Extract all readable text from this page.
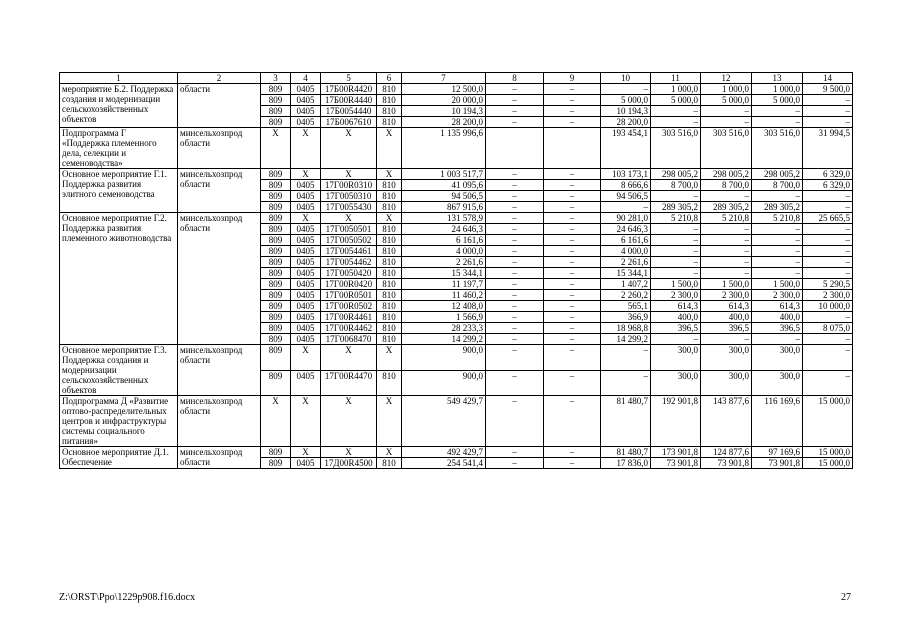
1	2	3	4	5	6	7	8	9	10	11	12	13	14
мероприятие Б.2. Поддержка создания и модернизации сельскохозяйственных объектов	области	809	0405	17Б00R4420	810	12 500,0	–	–	–	1 000,0	1 000,0	1 000,0	9 500,0
		809	0405	17Б00R4440	810	20 000,0	–	–	5 000,0	5 000,0	5 000,0	5 000,0	–
		809	0405	17Б0054440	810	10 194,3	–	–	10 194,3	–	–	–	–
		809	0405	17Б0067610	810	28 200,0	–	–	28 200,0	–	–	–	–
Подпрограмма Г «Поддержка племенного дела, селекции и семеноводства»	минсельхозпрод области	Х	Х	Х	Х	1 135 996,6			193 454,1	303 516,0	303 516,0	303 516,0	31 994,5
Основное мероприятие Г.1. Поддержка развития элитного семеноводства	минсельхозпрод области	809	Х	Х	Х	1 003 517,7	–	–	103 173,1	298 005,2	298 005,2	298 005,2	6 329,0
		809	0405	17Г00R0310	810	41 095,6	–	–	8 666,6	8 700,0	8 700,0	8 700,0	6 329,0
		809	0405	17Г0050310	810	94 506,5	–	–	94 506,5	–	–	–	–
		809	0405	17Г0055430	810	867 915,6	–	–	–	289 305,2	289 305,2	289 305,2	–
Основное мероприятие Г.2. Поддержка развития племенного животноводства	минсельхозпрод области	809	Х	Х	Х	131 578,9	–	–	90 281,0	5 210,8	5 210,8	5 210,8	25 665,5
		809	0405	17Г0050501	810	24 646,3	–	–	24 646,3	–	–	–	–
		809	0405	17Г0050502	810	6 161,6	–	–	6 161,6	–	–	–	–
		809	0405	17Г0054461	810	4 000,0	–	–	4 000,0	–	–	–	–
		809	0405	17Г0054462	810	2 261,6	–	–	2 261,6	–	–	–	–
		809	0405	17Г0050420	810	15 344,1	–	–	15 344,1	–	–	–	–
		809	0405	17Г00R0420	810	11 197,7	–	–	1 407,2	1 500,0	1 500,0	1 500,0	5 290,5
		809	0405	17Г00R0501	810	11 460,2	–	–	2 260,2	2 300,0	2 300,0	2 300,0	2 300,0
		809	0405	17Г00R0502	810	12 408,0	–	–	565,1	614,3	614,3	614,3	10 000,0
		809	0405	17Г00R4461	810	1 566,9	–	–	366,9	400,0	400,0	400,0	–
		809	0405	17Г00R4462	810	28 233,3	–	–	18 968,8	396,5	396,5	396,5	8 075,0
		809	0405	17Г0068470	810	14 299,2	–	–	14 299,2	–	–	–	–
Основное мероприятие Г.3. Поддержка создания и модернизации сельскохозяйственных объектов	минсельхозпрод области	809	Х	Х	Х	900,0	–	–	–	300,0	300,0	300,0	–
		809	0405	17Г00R4470	810	900,0	–	–	–	300,0	300,0	300,0	–
Подпрограмма Д «Развитие оптово-распределительных центров и инфраструктуры системы социального питания»	минсельхозпрод области	Х	Х	Х	Х	549 429,7	–	–	81 480,7	192 901,8	143 877,6	116 169,6	15 000,0
Основное мероприятие Д.1. Обеспечение	минсельхозпрод области	809	Х	Х	Х	492 429,7	–	–	81 480,7	173 901,8	124 877,6	97 169,6	15 000,0
		809	0405	17Д00R4500	810	254 541,4	–	–	17 836,0	73 901,8	73 901,8	73 901,8	15 000,0
Z:\ORST\Ppo\1229p908.f16.docx	27
